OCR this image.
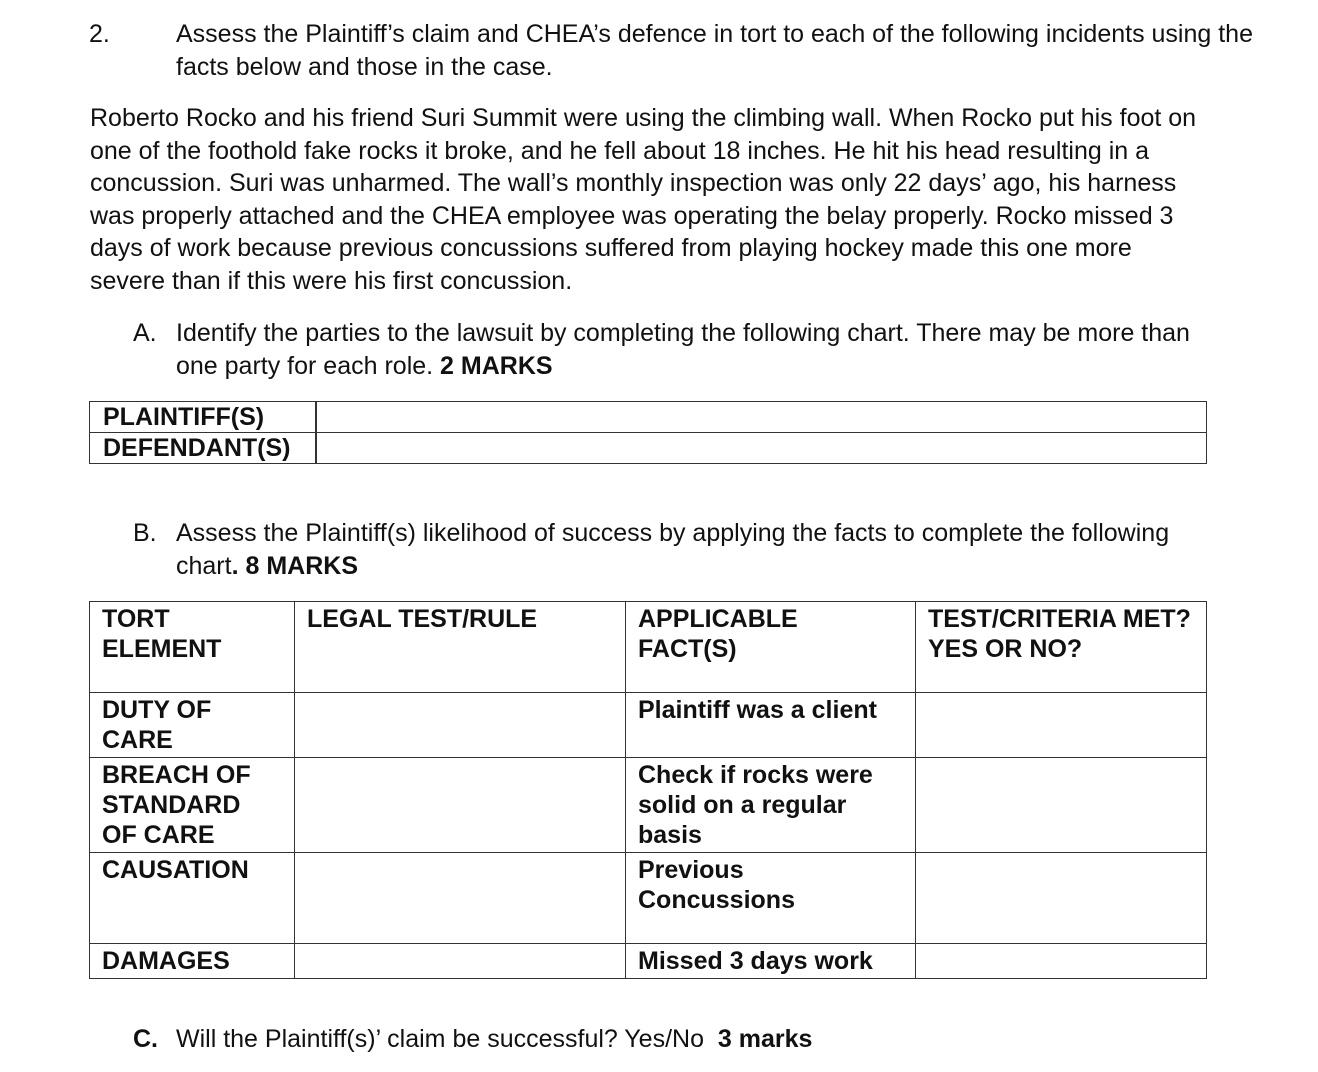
2.	Assess the Plaintiff’s claim and CHEA’s defence in tort to each of the following incidents using the facts below and those in the case.
Roberto Rocko and his friend Suri Summit were using the climbing wall. When Rocko put his foot on one of the foothold fake rocks it broke, and he fell about 18 inches. He hit his head resulting in a concussion. Suri was unharmed. The wall’s monthly inspection was only 22 days’ ago, his harness was properly attached and the CHEA employee was operating the belay properly. Rocko missed 3 days of work because previous concussions suffered from playing hockey made this one more severe than if this were his first concussion.
A. Identify the parties to the lawsuit by completing the following chart. There may be more than one party for each role. 2 MARKS
PLAINTIFF(S)	
DEFENDANT(S)	
B. Assess the Plaintiff(s) likelihood of success by applying the facts to complete the following chart. 8 MARKS
TORT ELEMENT	LEGAL TEST/RULE	APPLICABLE FACT(S)	TEST/CRITERIA MET?
YES OR NO?

DUTY OF CARE		Plaintiff was a client	
BREACH OF STANDARD OF CARE		Check if rocks were solid on a regular basis	
CAUSATION		Previous Concussions	
DAMAGES		Missed 3 days work	
C. Will the Plaintiff(s)’ claim be successful? Yes/No 3 marks
